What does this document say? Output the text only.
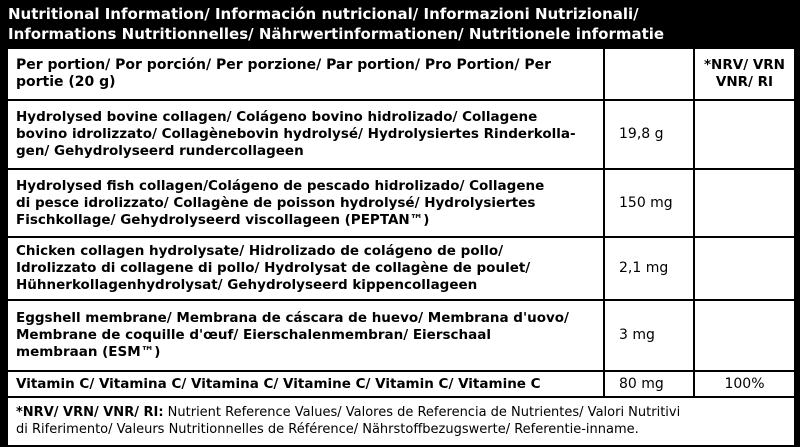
Nutritional Information/ Información nutricional/ Informazioni Nutrizionali/
Informations Nutritionnelles/ Nährwertinformationen/ Nutritionele informatie
Per portion/ Por porción/ Per porzione/ Par portion/ Pro Portion/ Per portie (20 g)
*NRV/ VRN
VNR/ RI
Hydrolysed bovine collagen/ Colágeno bovino hidrolizado/ Collagene
bovino idrolizzato/ Collagènebovin hydrolysé/ Hydrolysiertes Rinderkolla-
gen/ Gehydrolyseerd rundercollageen
19,8 g
Hydrolysed fish collagen/Colágeno de pescado hidrolizado/ Collagene
di pesce idrolizzato/ Collagène de poisson hydrolysé/ Hydrolysiertes
Fischkollage/ Gehydrolyseerd viscollageen (PEPTAN™)
150 mg
Chicken collagen hydrolysate/ Hidrolizado de colágeno de pollo/
Idrolizzato di collagene di pollo/ Hydrolysat de collagène de poulet/
Hühnerkollagenhydrolysat/ Gehydrolyseerd kippencollageen
2,1 mg
Eggshell membrane/ Membrana de cáscara de huevo/ Membrana d'uovo/
Membrane de coquille d'œuf/ Eierschalenmembran/ Eierschaal
membraan (ESM™)
3 mg
Vitamin C/ Vitamina C/ Vitamina C/ Vitamine C/ Vitamin C/ Vitamine C	80 mg	100%
*NRV/ VRN/ VNR/ RI: Nutrient Reference Values/ Valores de Referencia de Nutrientes/ Valori Nutritivi
di Riferimento/ Valeurs Nutritionnelles de Référence/ Nährstoffbezugswerte/ Referentie-inname.
